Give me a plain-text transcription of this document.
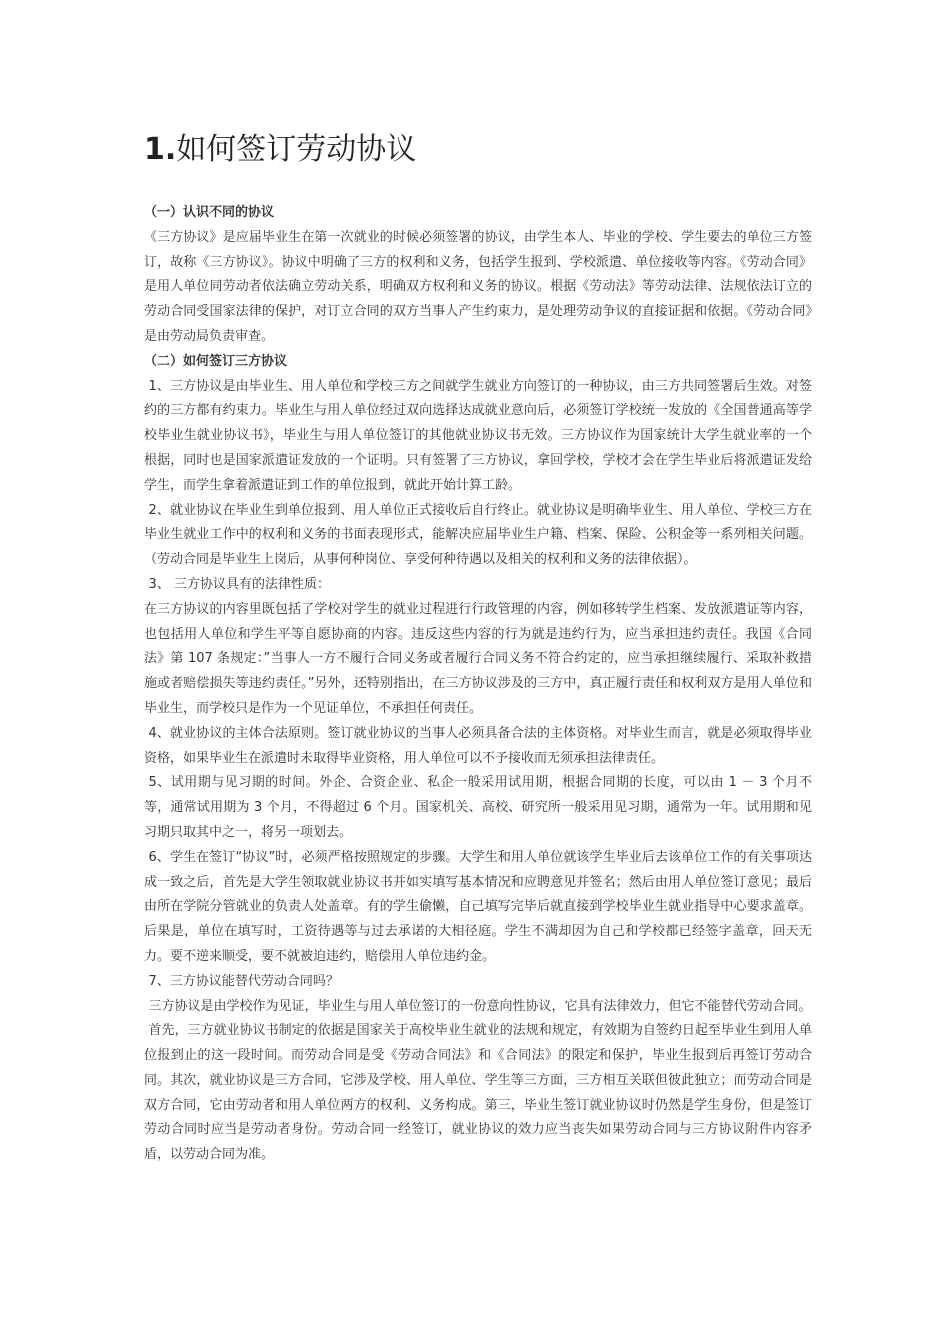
1.如何签订劳动协议

（一）认识不同的协议

《三方协议》是应届毕业生在第一次就业的时候必须签署的协议，由学生本人、毕业的学校、学生要去的单位三方签订，故称《三方协议》。协议中明确了三方的权利和义务，包括学生报到、学校派遣、单位接收等内容。《劳动合同》是用人单位同劳动者依法确立劳动关系，明确双方权利和义务的协议。根据《劳动法》等劳动法律、法规依法订立的劳动合同受国家法律的保护，对订立合同的双方当事人产生约束力，是处理劳动争议的直接证据和依据。《劳动合同》是由劳动局负责审查。

（二）如何签订三方协议

1、三方协议是由毕业生、用人单位和学校三方之间就学生就业方向签订的一种协议，由三方共同签署后生效。对签约的三方都有约束力。毕业生与用人单位经过双向选择达成就业意向后，必须签订学校统一发放的《全国普通高等学校毕业生就业协议书》，毕业生与用人单位签订的其他就业协议书无效。三方协议作为国家统计大学生就业率的一个根据，同时也是国家派遣证发放的一个证明。只有签署了三方协议，拿回学校，学校才会在学生毕业后将派遣证发给学生，而学生拿着派遣证到工作的单位报到，就此开始计算工龄。

2、就业协议在毕业生到单位报到、用人单位正式接收后自行终止。就业协议是明确毕业生、用人单位、学校三方在毕业生就业工作中的权利和义务的书面表现形式，能解决应届毕业生户籍、档案、保险、公积金等一系列相关问题。（劳动合同是毕业生上岗后，从事何种岗位、享受何种待遇以及相关的权利和义务的法律依据）。

3、 三方协议具有的法律性质：

在三方协议的内容里既包括了学校对学生的就业过程进行行政管理的内容，例如移转学生档案、发放派遣证等内容，也包括用人单位和学生平等自愿协商的内容。违反这些内容的行为就是违约行为，应当承担违约责任。我国《合同法》第 107 条规定：”当事人一方不履行合同义务或者履行合同义务不符合约定的，应当承担继续履行、采取补救措施或者赔偿损失等违约责任。”另外，还特别指出，在三方协议涉及的三方中，真正履行责任和权利双方是用人单位和毕业生，而学校只是作为一个见证单位，不承担任何责任。

4、就业协议的主体合法原则。签订就业协议的当事人必须具备合法的主体资格。对毕业生而言，就是必须取得毕业资格，如果毕业生在派遣时未取得毕业资格，用人单位可以不予接收而无须承担法律责任。

5、试用期与见习期的时间。外企、合资企业、私企一般采用试用期，根据合同期的长度，可以由 1 － 3 个月不等，通常试用期为 3 个月，不得超过 6 个月。国家机关、高校、研究所一般采用见习期，通常为一年。试用期和见习期只取其中之一，将另一项划去。

6、学生在签订“协议”时，必须严格按照规定的步骤。大学生和用人单位就该学生毕业后去该单位工作的有关事项达成一致之后，首先是大学生领取就业协议书并如实填写基本情况和应聘意见并签名；然后由用人单位签订意见；最后由所在学院分管就业的负责人处盖章。有的学生偷懒，自己填写完毕后就直接到学校毕业生就业指导中心要求盖章。后果是，单位在填写时，工资待遇等与过去承诺的大相径庭。学生不满却因为自己和学校都已经签字盖章，回天无力。要不逆来顺受，要不就被迫违约，赔偿用人单位违约金。

7、三方协议能替代劳动合同吗？

三方协议是由学校作为见证，毕业生与用人单位签订的一份意向性协议，它具有法律效力，但它不能替代劳动合同。

首先，三方就业协议书制定的依据是国家关于高校毕业生就业的法规和规定，有效期为自签约日起至毕业生到用人单位报到止的这一段时间。而劳动合同是受《劳动合同法》和《合同法》的限定和保护，毕业生报到后再签订劳动合同。其次，就业协议是三方合同，它涉及学校、用人单位、学生等三方面，三方相互关联但彼此独立；而劳动合同是双方合同，它由劳动者和用人单位两方的权利、义务构成。第三，毕业生签订就业协议时仍然是学生身份，但是签订劳动合同时应当是劳动者身份。劳动合同一经签订，就业协议的效力应当丧失如果劳动合同与三方协议附件内容矛盾，以劳动合同为准。
